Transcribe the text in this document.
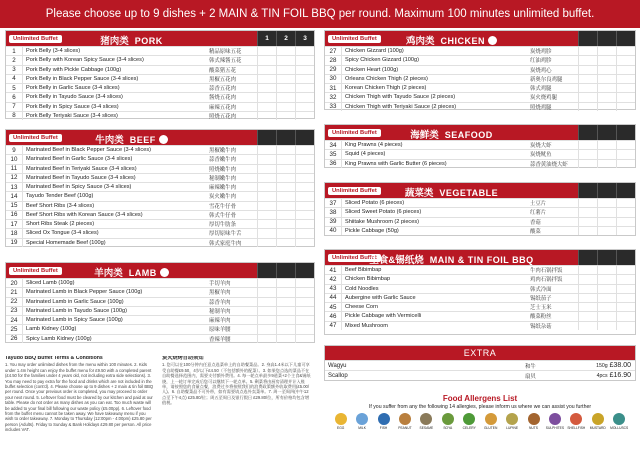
Please choose up to 9 dishes + 2 MAIN & TIN FOIL BBQ per round. Maximum 100 minutes unlimited buffet.
Unlimited Buffet	猪肉类 PORK	1	2	3
1	Pork Belly (3-4 slices)	精品原味五花
2	Pork Belly with Korean Spicy Sauce (3-4 slices)	韩式辣酱五花
3	Pork Belly with Pickle Cabbage (100g)	酸菜猪五花
4	Pork Belly in Black Pepper Sauce (3-4 slices)	黑椒五花肉
5	Pork Belly in Garlic Sauce (3-4 slices)	蒜香五花肉
6	Pork Belly in Tayudo Sauce (3-4 slices)	酱烧五花肉
7	Pork Belly in Spicy Sauce (3-4 slices)	麻辣五花肉
8	Pork Belly Teriyaki Sauce (3-4 slices)	照烧五花肉
Unlimited Buffet	牛肉类 BEEF
9	Marinated Beef in Black Pepper Sauce (3-4 slices)	黑椒嫩牛肉
10	Marinated Beef in Garlic Sauce (3-4 slices)	蒜香嫩牛肉
11	Marinated Beef in Teriyaki Sauce (3-4 slices)	照烧嫩牛肉
12	Marinated Beef in Tayudo Sauce (3-4 slices)	秘制嫩牛肉
13	Marinated Beef in Spicy Sauce (3-4 slices)	麻辣嫩牛肉
14	Tayudo Tender Beef (100g)	炭火嫩牛肉
15	Beef Short Ribs (3-4 slices)	雪花牛仔骨
16	Beef Short Ribs with Korean Sauce (3-4 slices)	韩式牛仔骨
17	Short Ribs Steak (2 pieces)	厚切牛肋条
18	Sliced Ox Tongue (3-4 slices)	厚切原味牛舌
19	Special Homemade Beef (100g)	韩式家庭牛肉
Unlimited Buffet	羊肉类 LAMB
20	Sliced Lamb (100g)	手切羊肉
21	Marinated Lamb in Black Pepper Sauce (100g)	黑椒羊肉
22	Marinated Lamb in Garlic Sauce (100g)	蒜香羊肉
23	Marinated Lamb in Tayudo Sauce (100g)	秘制羊肉
24	Marinated Lamb in Spicy Sauce (100g)	麻辣羊肉
25	Lamb Kidney (100g)	原味羊腰
26	Spicy Lamb Kidney (100g)	香辣羊腰
Unlimited Buffet	鸡肉类 CHICKEN
27	Chicken Gizzard (100g)	炭烧鸡胗
28	Spicy Chicken Gizzard (100g)	红油鸡胗
29	Chicken Heart (100g)	炭烧鸡心
30	Orleans Chicken Thigh (2 pieces)	新奥尔良鸡腿
31	Korean Chicken Thigh (2 pieces)	韩式鸡腿
32	Chicken Thigh with Tayudo Sauce (2 pieces)	炭火烧鸡腿
33	Chicken Thigh with Teriyaki Sauce (2 pieces)	照烧鸡腿
Unlimited Buffet	海鲜类 SEAFOOD
34	King Prawns (4 pieces)	炭烧大虾
35	Squid (4 pieces)	炭烧鱿鱼
36	King Prawns with Garlic Butter (6 pieces)	蒜香黄油烧大虾
Unlimited Buffet	蔬菜类 VEGETABLE
37	Sliced Potato (6 pieces)	土豆片
38	Sliced Sweet Potato (6 pieces)	红薯片
39	Shiitake Mushroom (2 pieces)	香菇
40	Pickle Cabbage (50g)	酸菜
Unlimited Buffet
主食&锡纸烧 MAIN & TIN FOIL BBQ
41	Beef Bibimbap	牛肉石锅拌饭
42	Chicken Bibimbap	鸡肉石锅拌饭
43	Cold Noodles	韩式冷面
44	Aubergine with Garlic Sauce	锡纸茄子
45	Cheese Corn	芝士玉米
46	Pickle Cabbage with Vermicelli	酸菜粉丝
47	Mixed Mushroom	锡纸杂菇
EXTRA
Wagyu	和牛	150g £38.00
Scallop	扇贝	4pcs £16.90
Tayudo BBQ Buffet Terms & Conditions
1. You may order unlimited dishes from the menu within 100 minutes. 2. Kids under 1.4m height can enjoy the buffet menu for £9.50 with a completed parent (£4.50 for the families under 4 years old, not including extra side selections). 3. You may need to pay extra for the food and drinks which are not included in the buffet selection (cont'd). 4. Please choose up to 9 dishes + 2 main & tin foil BBQ per round. Once your previous order is completed, you may proceed to order your next round. 5. Leftover food must be cleared by our kitchen and paid at our table. Please do not order as many dishes as you can eat. Too much waste will be added to your final bill following our waste policy (£5.00pp). 6. Leftover food from the buffet menu cannot be taken away. We have takeaway menu if you wish to order takeaway. 7. Monday to Thursday (12:00pm - 4:00pm) £25.80 per person (Adults). Friday to Sunday & Bank Holidays £29.80 per person. All price includes VAT.
炭火烧烤自助须知
1. 您可以在100分钟内任意点选菜单上的自助餐菜品。2. 身高1.4米以下儿童可享受自助餐£9.50，4岁以下£4.50（不包括额外的配菜）。3. 如果您点选的菜品不在自助餐选择范围内，需要支付额外费用。4. 每一轮点单最多9道菜+2个主食&锡纸烧，上一轮订单完成后您可以继续下一轮点单。5. 剩菜将由厨房清理并计入账单，请按照您的食量点餐，浪费过多将按照我们的浪费政策额外收取费用(£5.00/人)。6. 自助餐菜品不可外带，如有需要请点选外卖菜单。7. 周一至周四(中午12点至下午4点) £25.80/位；周五至周日及银行假日 £29.80/位，所有价格均包含增值税。	Food Allergens List
If you suffer from any the following 14 allergies, please inform us where we can assist you further
EGG	MILK	FISH	PEANUT SESAME	SOYA	CELERY GLUTEN	LUPINE	NUTS SULPHITES SHELLFISH MUSTARD MOLLUSCS
